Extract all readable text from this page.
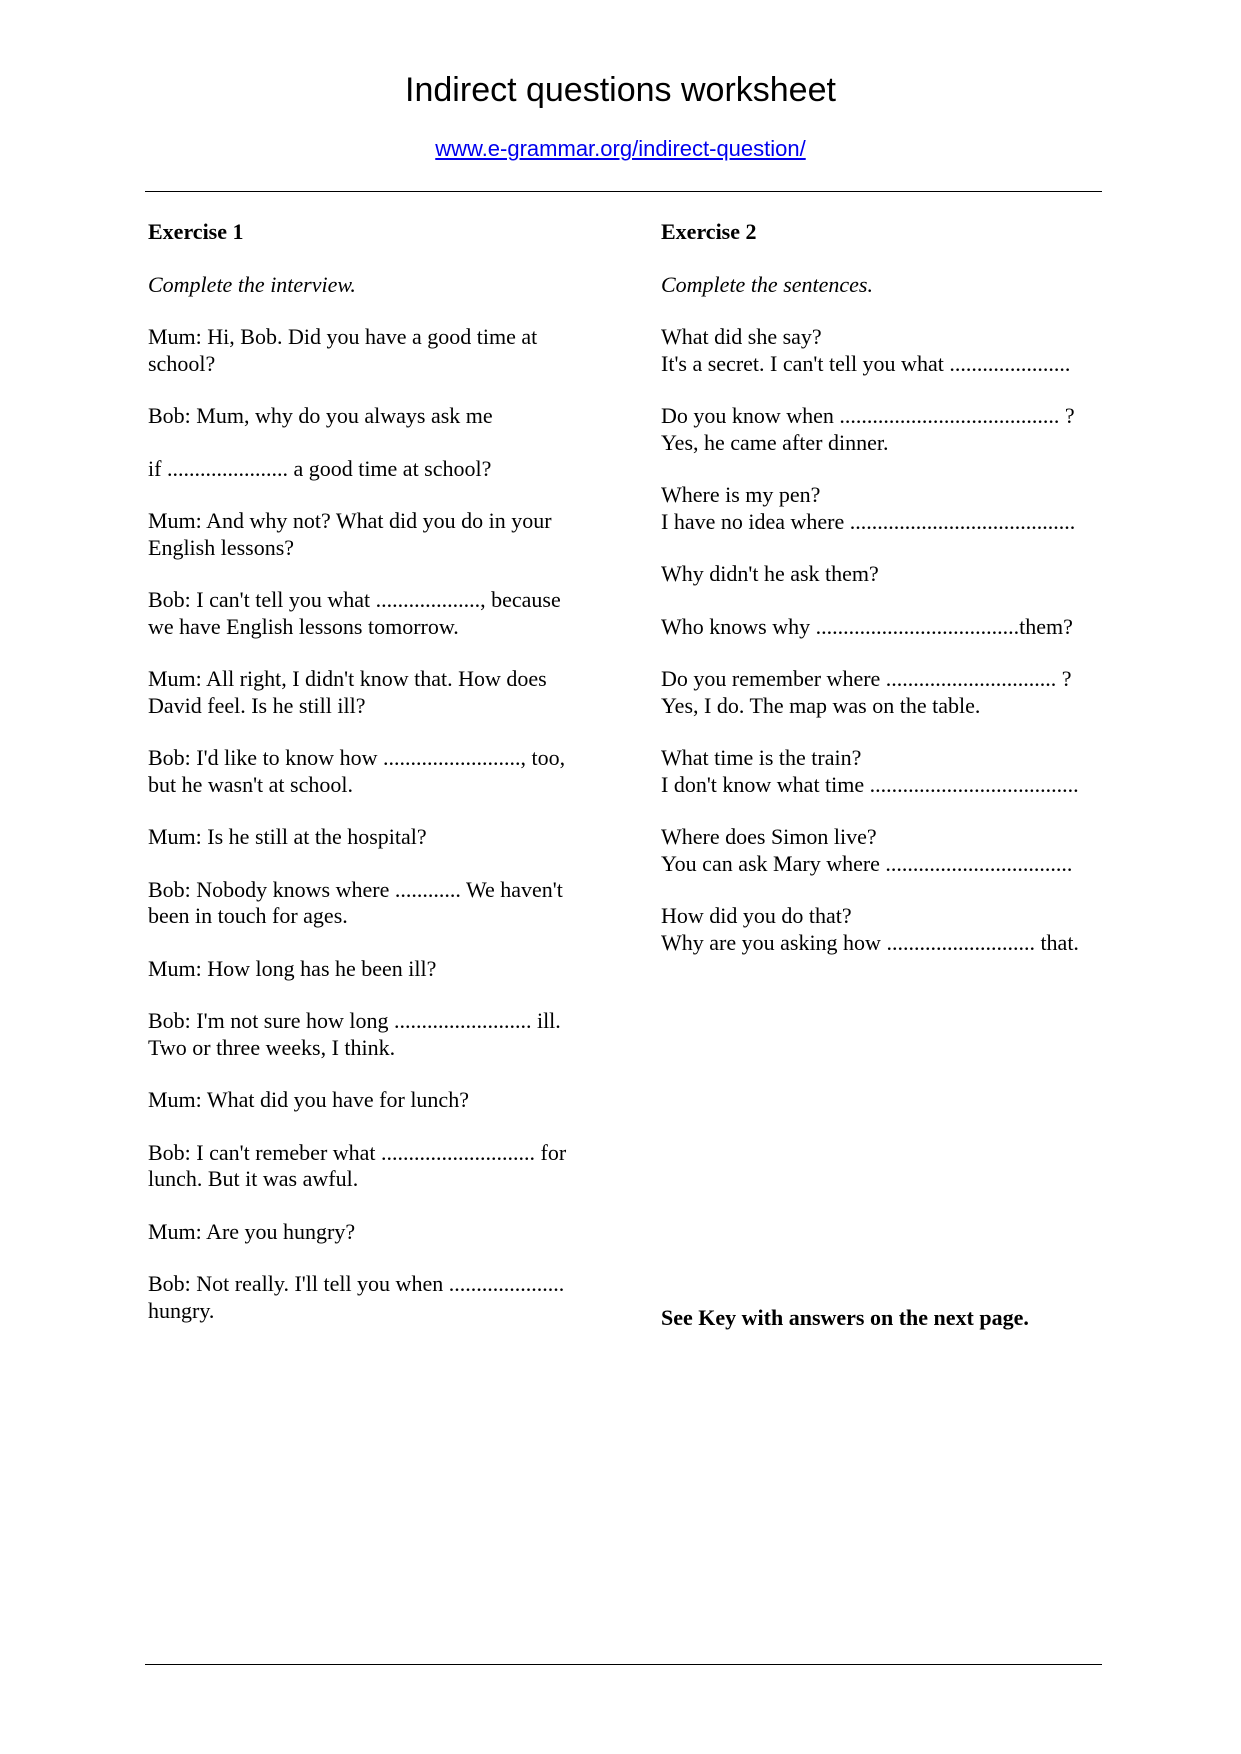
Indirect questions worksheet
www.e-grammar.org/indirect-question/
Exercise 1
Complete the interview.
Mum: Hi, Bob. Did you have a good time at
school?
Bob: Mum, why do you always ask me
if ...................... a good time at school?
Mum: And why not? What did you do in your
English lessons?
Bob: I can't tell you what ..................., because
we have English lessons tomorrow.
Mum: All right, I didn't know that. How does
David feel. Is he still ill?
Bob: I'd like to know how ........................., too,
but he wasn't at school.
Mum: Is he still at the hospital?
Bob: Nobody knows where ............ We haven't
been in touch for ages.
Mum: How long has he been ill?
Bob: I'm not sure how long ......................... ill.
Two or three weeks, I think.
Mum: What did you have for lunch?
Bob: I can't remeber what ............................ for
lunch. But it was awful.
Mum: Are you hungry?
Bob: Not really. I'll tell you when .....................
hungry.
Exercise 2
Complete the sentences.
What did she say?
It's a secret. I can't tell you what ......................
Do you know when ........................................ ?
Yes, he came after dinner.
Where is my pen?
I have no idea where .........................................
Why didn't he ask them?
Who knows why .....................................them?
Do you remember where ............................... ?
Yes, I do. The map was on the table.
What time is the train?
I don't know what time ......................................
Where does Simon live?
You can ask Mary where ..................................
How did you do that?
Why are you asking how ........................... that.
See Key with answers on the next page.
